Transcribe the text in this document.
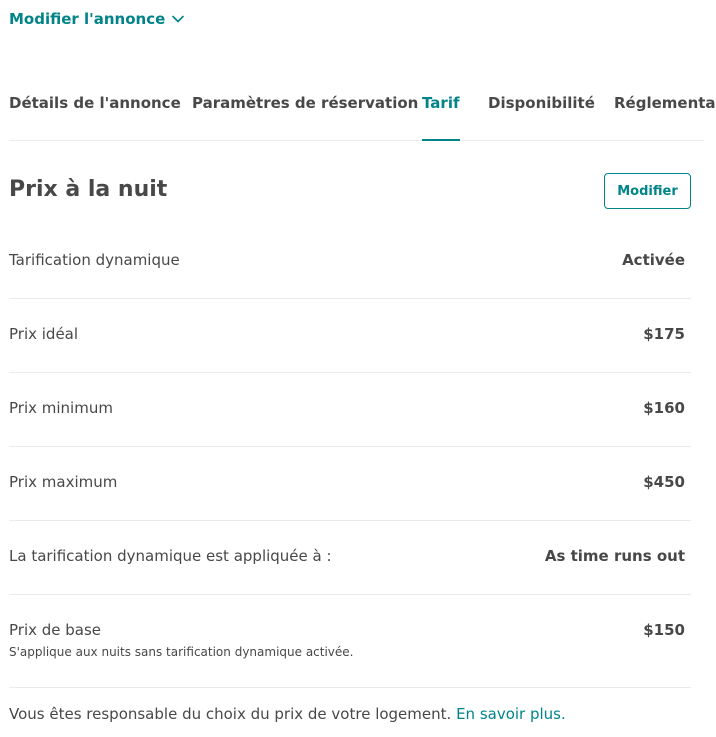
Modifier l'annonce
Détails de l'annonce Paramètres de réservation Tarif Disponibilité Réglementa
Prix à la nuit	Modifier
Tarification dynamique	Activée
Prix idéal	$175
Prix minimum	$160
Prix maximum	$450
La tarification dynamique est appliquée à :	As time runs out
Prix de base	$150
S'applique aux nuits sans tarification dynamique activée.
Vous êtes responsable du choix du prix de votre logement. En savoir plus.
